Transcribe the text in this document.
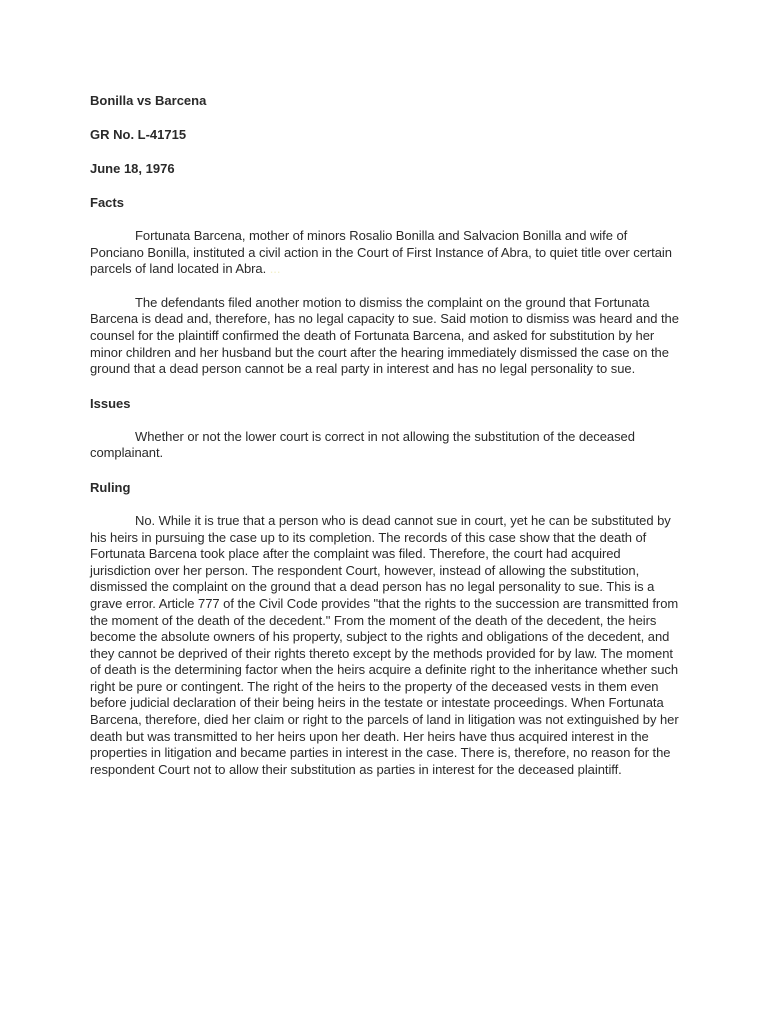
Bonilla vs Barcena

GR No. L-41715

June 18, 1976

Facts

Fortunata Barcena, mother of minors Rosalio Bonilla and Salvacion Bonilla and wife of Ponciano Bonilla, instituted a civil action in the Court of First Instance of Abra, to quiet title over certain parcels of land located in Abra. ...

The defendants filed another motion to dismiss the complaint on the ground that Fortunata Barcena is dead and, therefore, has no legal capacity to sue. Said motion to dismiss was heard and the counsel for the plaintiff confirmed the death of Fortunata Barcena, and asked for substitution by her minor children and her husband but the court after the hearing immediately dismissed the case on the ground that a dead person cannot be a real party in interest and has no legal personality to sue.

Issues

Whether or not the lower court is correct in not allowing the substitution of the deceased complainant.

Ruling

No. While it is true that a person who is dead cannot sue in court, yet he can be substituted by his heirs in pursuing the case up to its completion. The records of this case show that the death of Fortunata Barcena took place after the complaint was filed. Therefore, the court had acquired jurisdiction over her person. The respondent Court, however, instead of allowing the substitution, dismissed the complaint on the ground that a dead person has no legal personality to sue. This is a grave error. Article 777 of the Civil Code provides "that the rights to the succession are transmitted from the moment of the death of the decedent." From the moment of the death of the decedent, the heirs become the absolute owners of his property, subject to the rights and obligations of the decedent, and they cannot be deprived of their rights thereto except by the methods provided for by law. The moment of death is the determining factor when the heirs acquire a definite right to the inheritance whether such right be pure or contingent. The right of the heirs to the property of the deceased vests in them even before judicial declaration of their being heirs in the testate or intestate proceedings. When Fortunata Barcena, therefore, died her claim or right to the parcels of land in litigation was not extinguished by her death but was transmitted to her heirs upon her death. Her heirs have thus acquired interest in the properties in litigation and became parties in interest in the case. There is, therefore, no reason for the respondent Court not to allow their substitution as parties in interest for the deceased plaintiff.
